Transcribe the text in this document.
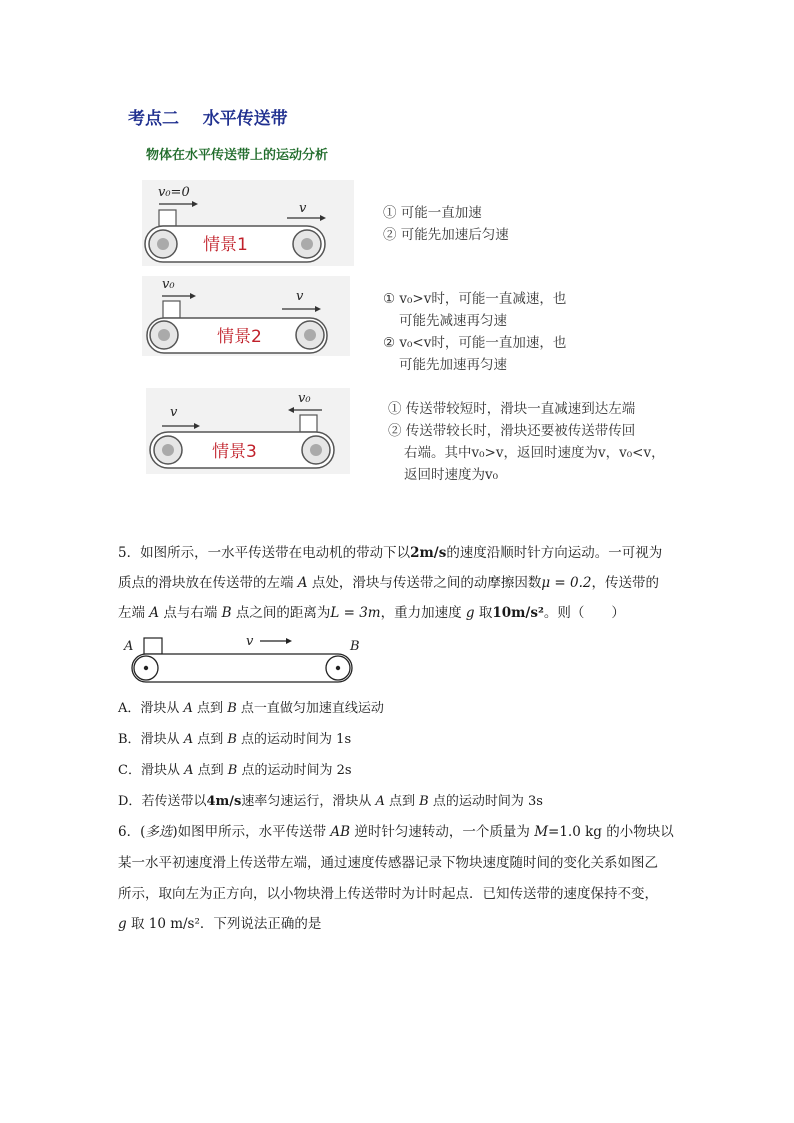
考点二 水平传送带
物体在水平传送带上的运动分析
v₀=0
v
情景1
① 可能一直加速
② 可能先加速后匀速
v₀
v
情景2
① v₀>v时，可能一直减速，也
可能先减速再匀速
② v₀<v时，可能一直加速，也
可能先加速再匀速
v
v₀
情景3
① 传送带较短时，滑块一直减速到达左端
② 传送带较长时，滑块还要被传送带传回
右端。其中v₀>v，返回时速度为v，v₀<v，
返回时速度为v₀
5．如图所示，一水平传送带在电动机的带动下以2m/s的速度沿顺时针方向运动。一可视为
质点的滑块放在传送带的左端 A 点处，滑块与传送带之间的动摩擦因数μ = 0.2，传送带的
左端 A 点与右端 B 点之间的距离为L = 3m，重力加速度 g 取10m/s²。则（　　）
A	B
v
A．滑块从 A 点到 B 点一直做匀加速直线运动
B．滑块从 A 点到 B 点的运动时间为 1s
C．滑块从 A 点到 B 点的运动时间为 2s
D．若传送带以4m/s速率匀速运行，滑块从 A 点到 B 点的运动时间为 3s
6．(多选)如图甲所示，水平传送带 AB 逆时针匀速转动，一个质量为 M=1.0 kg 的小物块以
某一水平初速度滑上传送带左端，通过速度传感器记录下物块速度随时间的变化关系如图乙
所示，取向左为正方向，以小物块滑上传送带时为计时起点．已知传送带的速度保持不变，
g 取 10 m/s²．下列说法正确的是
